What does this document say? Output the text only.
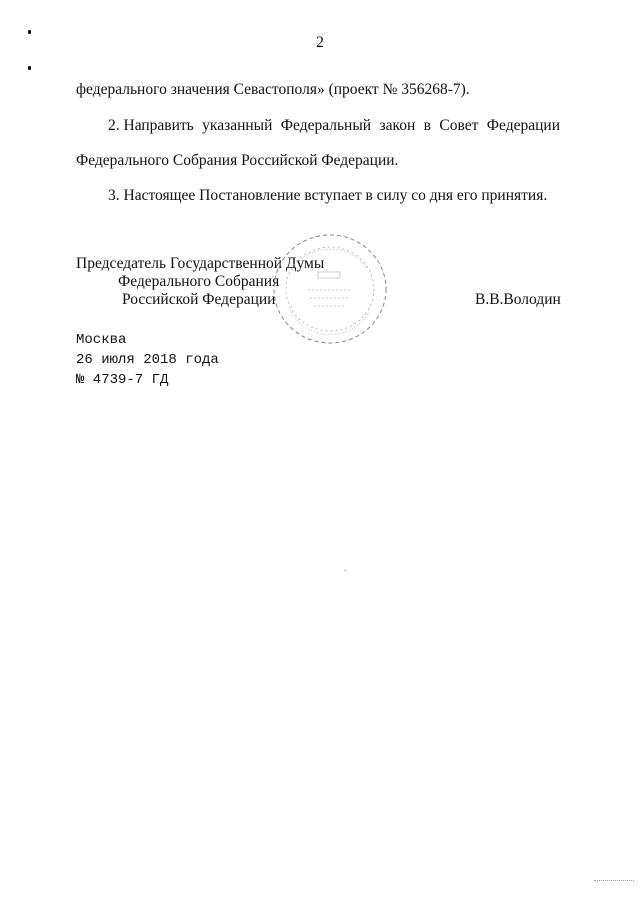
2
федерального значения Севастополя» (проект № 356268-7).
2. Направить указанный Федеральный закон в Совет Федерации
Федерального Собрания Российской Федерации.
3. Настоящее Постановление вступает в силу со дня его принятия.
Председатель Государственной Думы
Федерального Собрания
Российской Федерации	В.В.Володин
Москва
26 июля 2018 года
№ 4739-7 ГД
